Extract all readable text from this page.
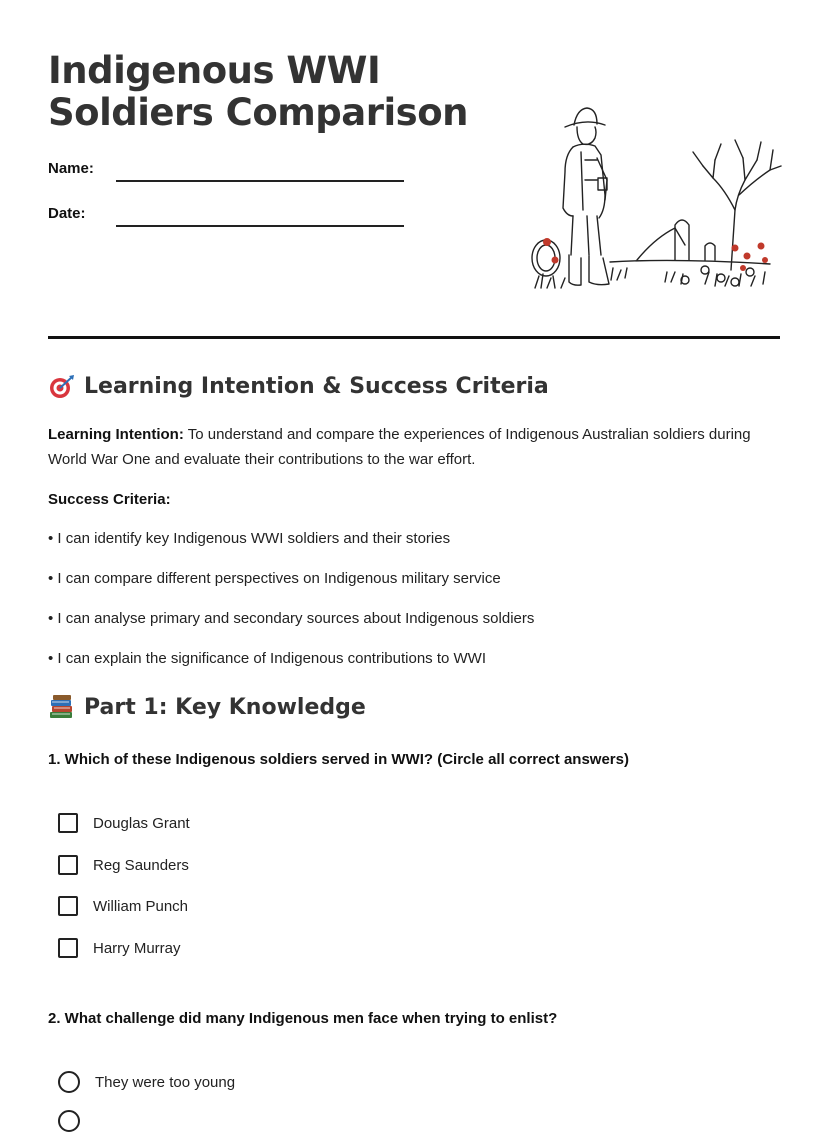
Indigenous WWI
Soldiers Comparison
Name:
Date:
Learning Intention & Success Criteria
Learning Intention: To understand and compare the experiences of Indigenous Australian soldiers during World War One and evaluate their contributions to the war effort.
Success Criteria:
• I can identify key Indigenous WWI soldiers and their stories
• I can compare different perspectives on Indigenous military service
• I can analyse primary and secondary sources about Indigenous soldiers
• I can explain the significance of Indigenous contributions to WWI
Part 1: Key Knowledge
1. Which of these Indigenous soldiers served in WWI? (Circle all correct answers)
Douglas Grant
Reg Saunders
William Punch
Harry Murray
2. What challenge did many Indigenous men face when trying to enlist?
They were too young
